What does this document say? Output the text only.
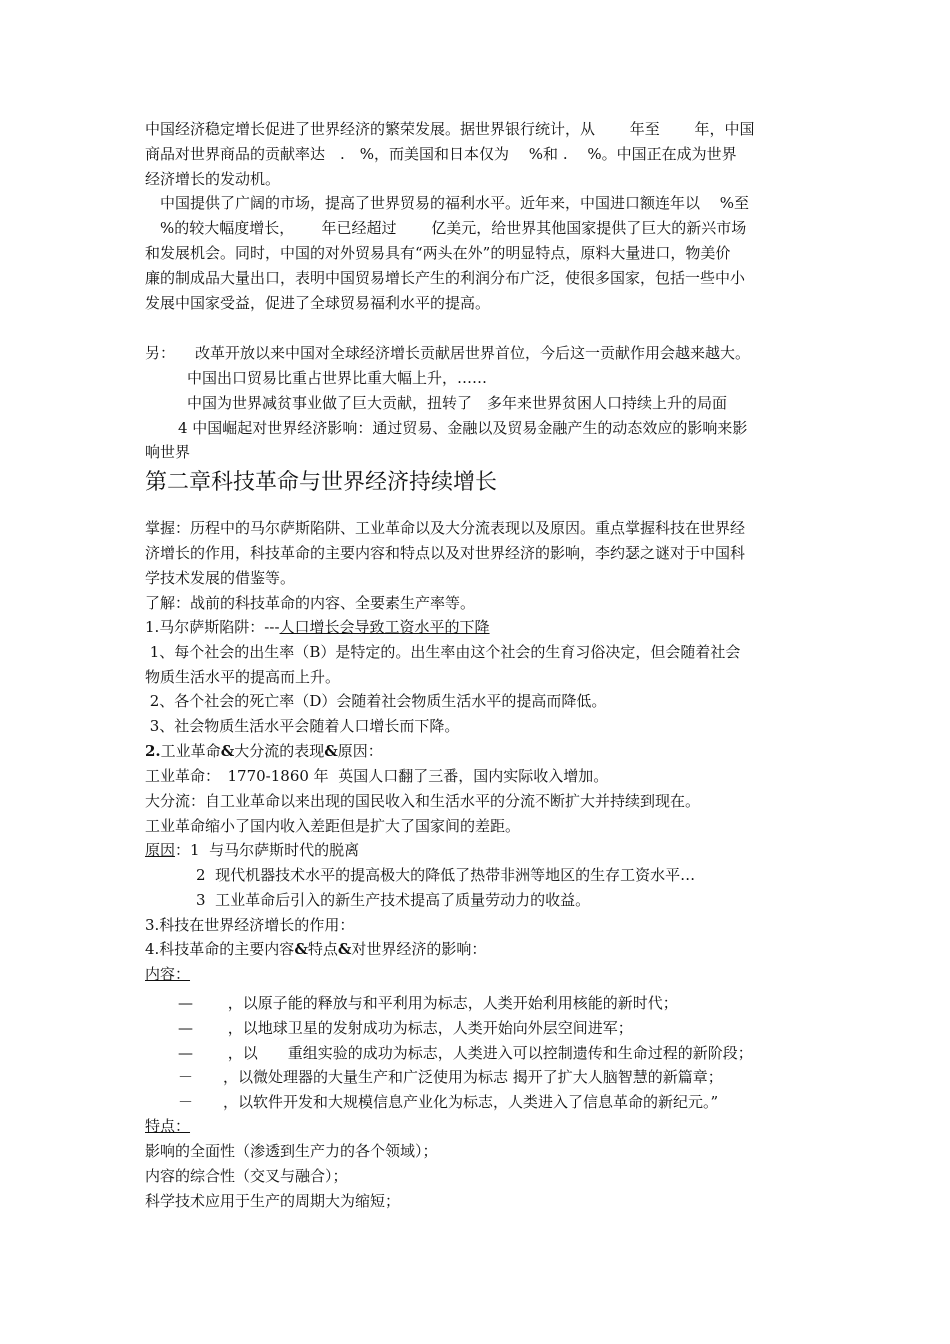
中国经济稳定增长促进了世界经济的繁荣发展。据世界银行统计，从　　 年至　　 年，中国
商品对世界商品的贡献率达　.　%，而美国和日本仅为　 %和 .　 %。中国正在成为世界
经济增长的发动机。
　中国提供了广阔的市场，提高了世界贸易的福利水平。近年来，中国进口额连年以　 %至
　%的较大幅度增长，　　 年已经超过　　 亿美元，给世界其他国家提供了巨大的新兴市场
和发展机会。同时，中国的对外贸易具有“两头在外”的明显特点，原料大量进口，物美价
廉的制成品大量出口，表明中国贸易增长产生的利润分布广泛，使很多国家，包括一些中小
发展中国家受益，促进了全球贸易福利水平的提高。
另： 改革开放以来中国对全球经济增长贡献居世界首位，今后这一贡献作用会越来越大。
中国出口贸易比重占世界比重大幅上升，……
中国为世界减贫事业做了巨大贡献，扭转了　多年来世界贫困人口持续上升的局面
4 中国崛起对世界经济影响：通过贸易、金融以及贸易金融产生的动态效应的影响来影
响世界
第二章科技革命与世界经济持续增长
掌握：历程中的马尔萨斯陷阱、工业革命以及大分流表现以及原因。重点掌握科技在世界经
济增长的作用，科技革命的主要内容和特点以及对世界经济的影响，李约瑟之谜对于中国科
学技术发展的借鉴等。
了解：战前的科技革命的内容、全要素生产率等。
1.马尔萨斯陷阱：---人口增长会导致工资水平的下降
1、每个社会的出生率（B）是特定的。出生率由这个社会的生育习俗决定，但会随着社会
物质生活水平的提高而上升。
2、各个社会的死亡率（D）会随着社会物质生活水平的提高而降低。
3、社会物质生活水平会随着人口增长而下降。
2.工业革命&大分流的表现&原因：
工业革命：　1770-1860 年  英国人口翻了三番，国内实际收入增加。
大分流：自工业革命以来出现的国民收入和生活水平的分流不断扩大并持续到现在。
工业革命缩小了国内收入差距但是扩大了国家间的差距。
原因：1  与马尔萨斯时代的脱离
2  现代机器技术水平的提高极大的降低了热带非洲等地区的生存工资水平…
3  工业革命后引入的新生产技术提高了质量劳动力的收益。
3.科技在世界经济增长的作用：
4.科技革命的主要内容&特点&对世界经济的影响：
内容：
—　　 ，以原子能的释放与和平利用为标志，人类开始利用核能的新时代；
—　　 ，以地球卫星的发射成功为标志，人类开始向外层空间进军；
—　　 ，以　　重组实验的成功为标志，人类进入可以控制遗传和生命过程的新阶段；
－　　，以微处理器的大量生产和广泛使用为标志 揭开了扩大人脑智慧的新篇章；
－　　，以软件开发和大规模信息产业化为标志，人类进入了信息革命的新纪元。”
特点：
影响的全面性（渗透到生产力的各个领域）；
内容的综合性（交叉与融合）；
科学技术应用于生产的周期大为缩短；
